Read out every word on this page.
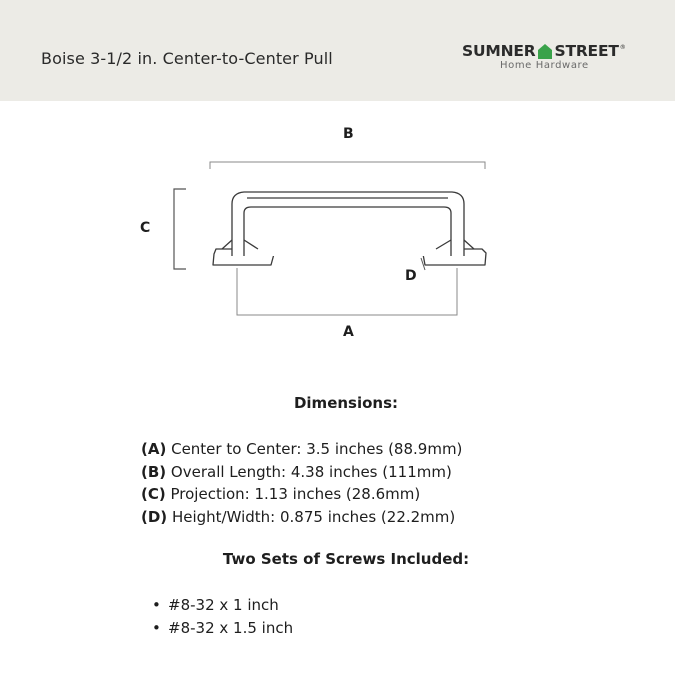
Boise 3-1/2 in. Center-to-Center Pull	SUMNER STREET ®
Home Hardware
B
C
D
A
Dimensions:
(A) Center to Center: 3.5 inches (88.9mm)
(B) Overall Length: 4.38 inches (111mm)
(C) Projection: 1.13 inches (28.6mm)
(D) Height/Width: 0.875 inches (22.2mm)
Two Sets of Screws Included:
• #8-32 x 1 inch
• #8-32 x 1.5 inch
